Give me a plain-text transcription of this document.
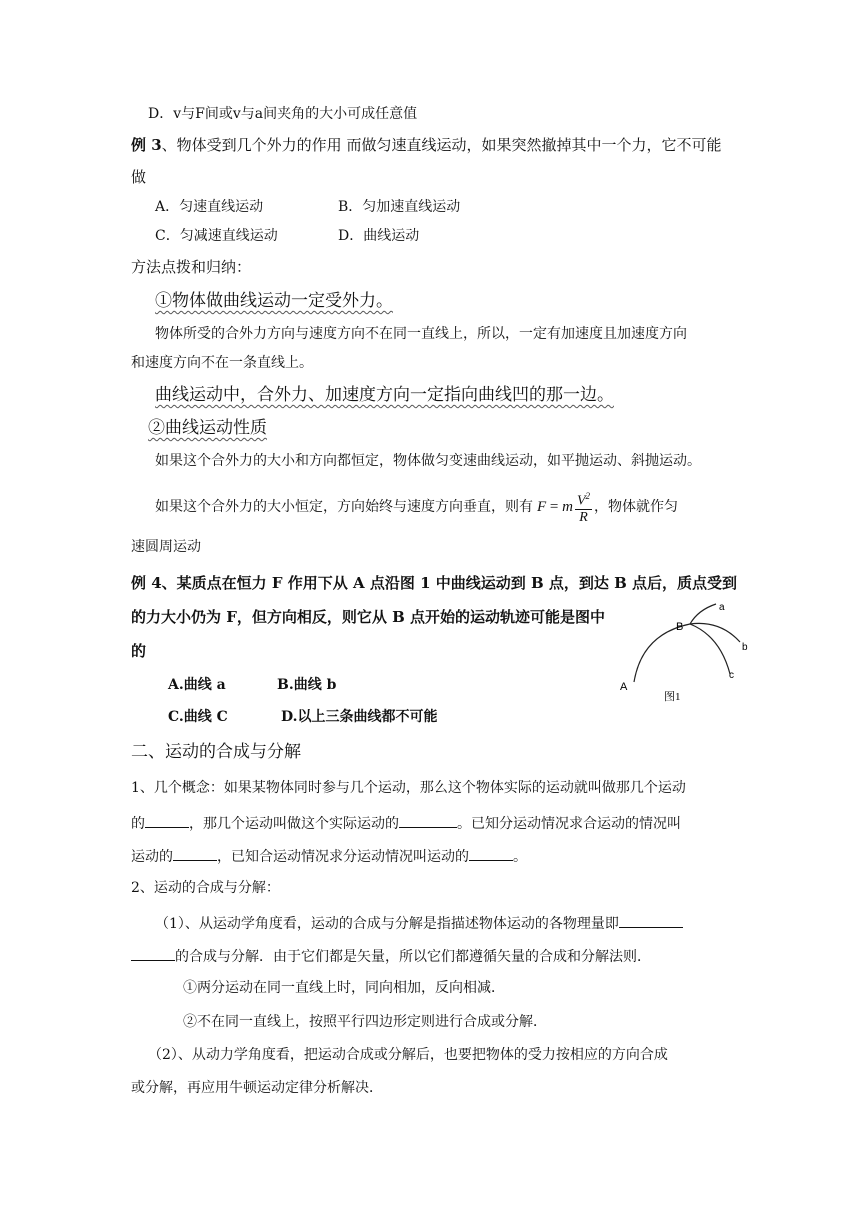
D．v与F间或v与a间夹角的大小可成任意值
例 3、物体受到几个外力的作用 而做匀速直线运动，如果突然撤掉其中一个力，它不可能
做
A．匀速直线运动	B．匀加速直线运动
C．匀减速直线运动	D．曲线运动
方法点拨和归纳：
①物体做曲线运动一定受外力。
物体所受的合外力方向与速度方向不在同一直线上，所以，一定有加速度且加速度方向
和速度方向不在一条直线上。
曲线运动中，合外力、加速度方向一定指向曲线凹的那一边。
②曲线运动性质
如果这个合外力的大小和方向都恒定，物体做匀变速曲线运动，如平抛运动、斜抛运动。
如果这个合外力的大小恒定，方向始终与速度方向垂直，则有 F = m $\frac{V^2}{R}$ ，物体就作匀
速圆周运动
例 4、某质点在恒力 F 作用下从 A 点沿图 1 中曲线运动到 B 点，到达 B 点后，质点受到
的力大小仍为 F，但方向相反，则它从 B 点开始的运动轨迹可能是图中
的
A.曲线 a	B.曲线 b
C.曲线 C	D.以上三条曲线都不可能
A
B
a
b
c
图1
二、运动的合成与分解
1、几个概念：如果某物体同时参与几个运动，那么这个物体实际的运动就叫做那几个运动
的	，那几个运动叫做这个实际运动的	。已知分运动情况求合运动的情况叫
运动的	，已知合运动情况求分运动情况叫运动的	。
2、运动的合成与分解：
（1）、从运动学角度看，运动的合成与分解是指描述物体运动的各物理量即
的合成与分解．由于它们都是矢量，所以它们都遵循矢量的合成和分解法则．
①两分运动在同一直线上时，同向相加，反向相减．
②不在同一直线上，按照平行四边形定则进行合成或分解．
（2）、从动力学角度看，把运动合成或分解后，也要把物体的受力按相应的方向合成
或分解，再应用牛顿运动定律分析解决．
